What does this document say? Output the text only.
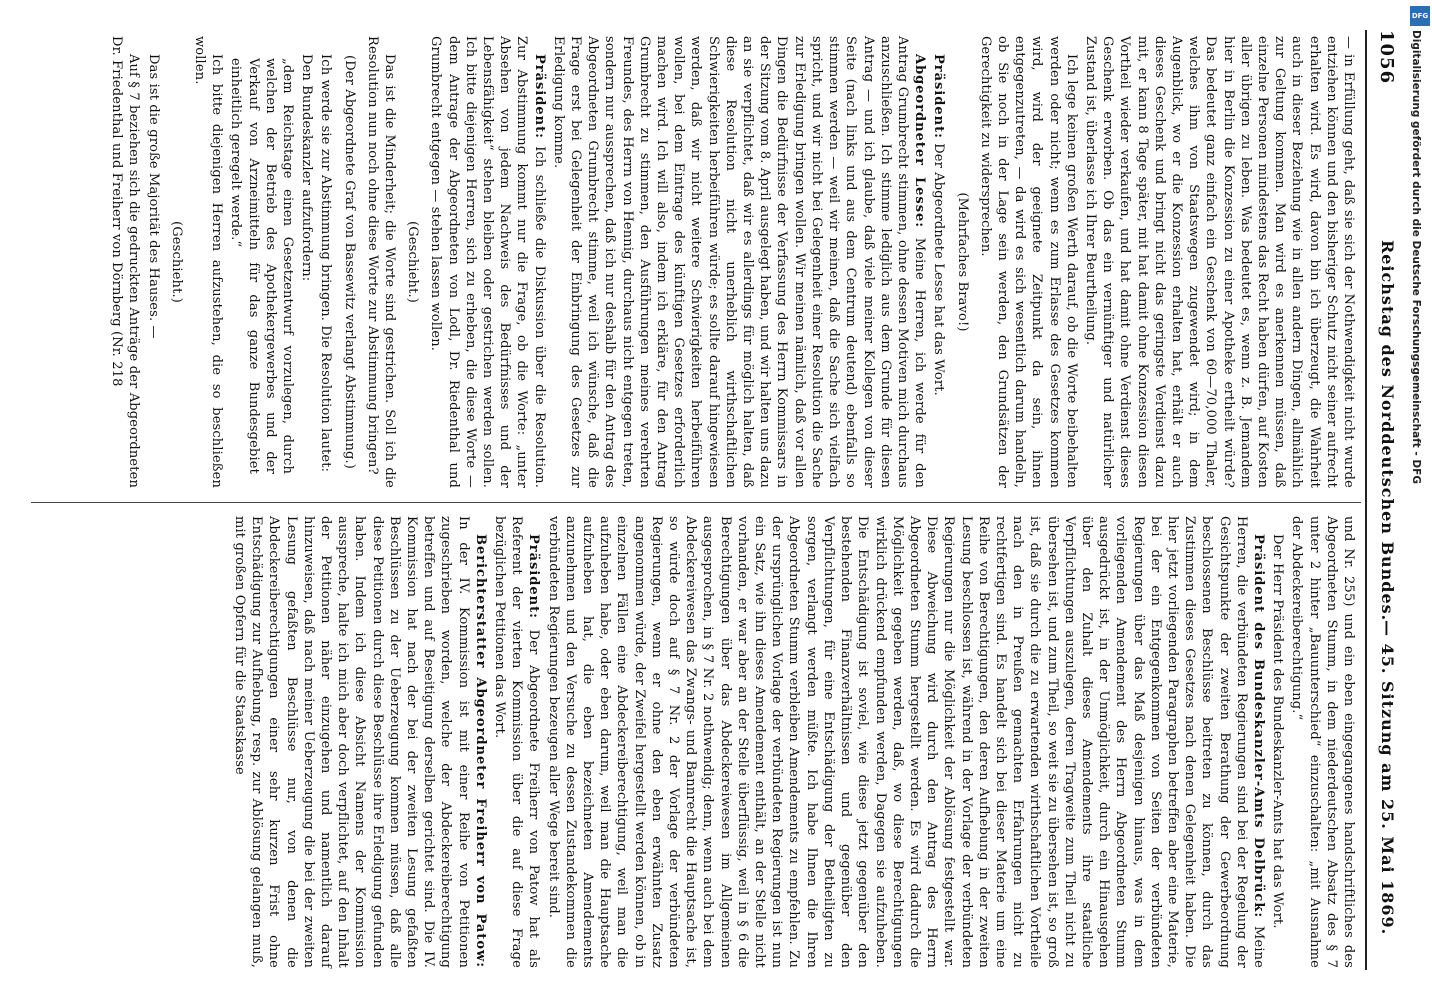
1056
Reichstag des Norddeutschen Bundes.
— 45. Sitzung am 25. Mai 1869.

— in Erfüllung geht, daß sie sich der Nothwendigkeit nicht wurde entziehen können und den bisheriger Schutz nicht seiner aufrecht erhalten wird. Es wird, davon bin ich überzeugt, die Wahrheit auch in dieser Beziehung wie in allen andern Dingen, allmählich zur Geltung kommen. Man wird es anerkennen müssen, daß einzelne Personen mindestens das Recht haben dürfen, auf Kosten aller übrigen zu leben. Was bedeutet es, wenn z. B. Jemandem hier in Berlin die Konzession zu einer Apotheke ertheilt würde? Das bedeutet ganz einfach ein Geschenk von 60—70,000 Thaler, welches ihm von Staatswegen zugewendet wird; in dem Augenblick, wo er die Konzession erhalten hat, erhält er auch dieses Geschenk und bringt nicht das geringste Verdienst dazu mit, er kann 8 Tage später, mit hat damit ohne Konzession diesen Vortheil wieder verkaufen, und hat damit ohne Verdienst dieses Geschenk erworben. Ob das ein vernünftiger und natürlicher Zustand ist, überlasse ich Ihrer Beurtheilung.

Ich lege keinen großen Werth darauf, ob die Worte beibehalten werden oder nicht; wenn es zum Erlasse des Gesetzes kommen wird, wird der geeignete Zeitpunkt da sein, ihnen entgegenzutreten, — da wird es sich wesentlich darum handeln, ob Sie noch in der Lage sein werden, den Grundsätzen der Gerechtigkeit zu widersprechen.

(Mehrfaches Bravo!)

Präsident: Der Abgeordnete Lesse hat das Wort.

Abgeordneter Lesse: Meine Herren, ich werde für den Antrag Grumbrecht stimmen, ohne dessen Motiven mich durchaus anzuschließen. Ich stimme lediglich aus dem Grunde für diesen Antrag — und ich glaube, daß viele meiner Kollegen von dieser Seite (nach links und aus dem Centrum deutend) ebenfalls so stimmen werden — weil wir meinen, daß die Sache sich vielfach spricht, und wir nicht bei Gelegenheit einer Resolution die Sache zur Erledigung bringen wollen. Wir meinen nämlich, daß vor allen Dingen die Bedürfnisse der Verfassung des Herrn Kommissars in der Sitzung vom 8. April ausgelegt haben, und wir halten uns dazu an sie verpflichtet, daß wir es allerdings für möglich halten, daß diese Resolution nicht unerheblich wirthschaftlichen Schwierigkeiten herbeiführen würde; es sollte darauf hingewiesen werden, daß wir nicht weitere Schwierigkeiten herbeiführen wollen, bei dem Eintrage des künftigen Gesetzes erforderlich machen wird. Ich will also, indem ich erkläre, für den Antrag Grumbrecht zu stimmen, den Ausführungen meines verehrten Freundes, des Herrn von Hennig, durchaus nicht entgegen treten, sondern nur aussprechen, daß ich nur deshalb für den Antrag des Abgeordneten Grumbrecht stimme, weil ich wünsche, daß die Frage erst bei Gelegenheit der Einbringung des Gesetzes zur Erledigung komme.

Präsident: Ich schließe die Diskussion über die Resolution. Zur Abstimmung kommt nur die Frage, ob die Worte: „unter Absehen von jedem Nachweis des Bedürfnisses und der Lebensfähigkeit“ stehen bleiben oder gestrichen werden sollen. Ich bitte diejenigen Herren, sich zu erheben, die diese Worte — dem Antrage der Abgeordneten von Lodl, Dr. Riedenthal und Grumbrecht entgegen — stehen lassen wollen.

(Geschieht.)

Das ist die Minderheit; die Worte sind gestrichen. Soll ich die Resolution nun noch ohne diese Worte zur Abstimmung bringen?

(Der Abgeordnete Graf von Bassewitz verlangt Abstimmung.)

Ich werde sie zur Abstimmung bringen. Die Resolution lautet:

Den Bundeskanzler aufzufordern:

„dem Reichstage einen Gesetzentwurf vorzulegen, durch welchen der Betrieb des Apothekergewerbes und der Verkauf von Arzneimitteln für das ganze Bundesgebiet einheitlich geregelt werde.“

Ich bitte diejenigen Herren aufzustehen, die so beschließen wollen.

(Geschieht.)

Das ist die große Majorität des Hauses. —

Auf § 7 beziehen sich die gedruckten Anträge der Abgeordneten Dr. Friedenthal und Freiherr von Dörnberg (Nr. 218

und Nr. 255) und ein eben eingegangenes handschriftliches des Abgeordneten Stumm, in dem niederdeutschen Absatz des § 7 unter 2 hinter „Bauunterschied“ einzuschalten: „mit Ausnahme der Abdeckereiberechtigung.“

Der Herr Präsident des Bundeskanzler-Amts hat das Wort.

Präsident des Bundeskanzler-Amts Delbrück: Meine Herren, die verbündeten Regierungen sind bei der Regelung der Gesichtspunkte der zweiten Berathung der Gewerbeordnung beschlossenen Beschlüsse beitreten zu können, durch das Zustimmen dieses Gesetzes nach denen Gelegenheit haben. Die hier jetzt vorliegenden Paragraphen betreffen aber eine Materie, bei der ein Entgegenkommen von Seiten der verbündeten Regierungen über das Maß desjenigen hinaus, was in dem vorliegenden Amendement des Herrn Abgeordneten Stumm ausgedrückt ist, in der Unmöglichkeit, durch ein Hinausgehen über den Zuhalt dieses Amendements ihre staatliche Verpflichtungen auszulegen, deren Tragweite zum Theil nicht zu übersehen ist, und zum Theil, so weit sie zu übersehen ist, so groß ist, daß sie durch die zu erwartenden wirthschaftlichen Vortheile nach den in Preußen gemachten Erfahrungen nicht zu rechtfertigen sind. Es handelt sich bei dieser Materie um eine Reihe von Berechtigungen, den deren Aufhebung in der zweiten Lesung beschlossen ist, während in der Vorlage der verbündeten Regierungen nur die Möglichkeit der Ablösung festgestellt war. Diese Abweichung wird durch den Antrag des Herrn Abgeordneten Stumm hergestellt werden. Es wird dadurch die Möglichkeit gegeben werden, daß, wo diese Berechtigungen wirklich drückend empfunden werden, Dagegen sie aufzuheben. Die Entschädigung ist soviel, wie diese jetzt gegenüber den bestehenden Finanzverhältnissen und gegenüber den Verpflichtungen, für eine Entschädigung der Betheiligten zu sorgen, verlangt werden müßte. Ich habe Ihnen die Ihren Abgeordneten Stumm verbleiben Amendements zu empfehlen. Zu der ursprünglichen Vorlage der verbündeten Regierungen ist nun ein Satz, wie ihn dieses Amendement enthält, an der Stelle nicht vorhanden, er war aber an der Stelle überflüssig, weil in § 6 die Berechtigungen über das Abdeckereiwesen im Allgemeinen ausgesprochen, in § 7 Nr. 2 nothwendig; denn, wenn auch bei dem Abdeckereiwesen das Zwangs- und Bannrecht die Hauptsache ist, so würde doch auf § 7 Nr. 2 der Vorlage der verbündeten Regierungen, wenn er ohne den eben erwähnten Zusatz angenommen würde, der Zweifel hergestellt werden können, ob in einzelnen Fällen eine Abdeckereiberechtigung, weil man die aufzuheben habe, oder eben darum, weil man die Hauptsache aufzuheben hat, die eben bezeichneten Amendements anzunehmen und den Versuche zu dessen Zustandekommen die verbündeten Regierungen bezeugen aller Wege bereit sind.

Präsident: Der Abgeordnete Freiherr von Patow hat als Referent der vierten Kommission über die auf diese Frage bezüglichen Petitionen das Wort.

Berichterstatter Abgeordneter Freiherr von Patow: In der IV. Kommission ist mit einer Reihe von Petitionen zugeschrieben worden, welche der Abdeckereiberechtigung betreffen und auf Beseitigung derselben gerichtet sind. Die IV. Kommission hat nach der bei der zweiten Lesung gefaßten Beschlüssen zu der Ueberzeugung kommen müssen, daß alle diese Petitionen durch diese Beschlüsse ihre Erledigung gefunden haben. Indem ich diese Absicht Namens der Kommission ausspreche, halte ich mich aber doch verpflichtet, auf den Inhalt der Petitionen näher einzugehen und namentlich darauf hinzuweisen, daß nach meiner Ueberzeugung die bei der zweiten Lesung gefaßten Beschlüsse nur, von denen die Abdeckereiberechtigungen einer sehr kurzen Frist ohne Entschädigung zur Aufhebung, resp. zur Ablösung gelangen muß, mit großen Opfern für die Staatskasse

DFG
Digitalisierung gefördert durch die Deutsche Forschungsgemeinschaft - DFG
